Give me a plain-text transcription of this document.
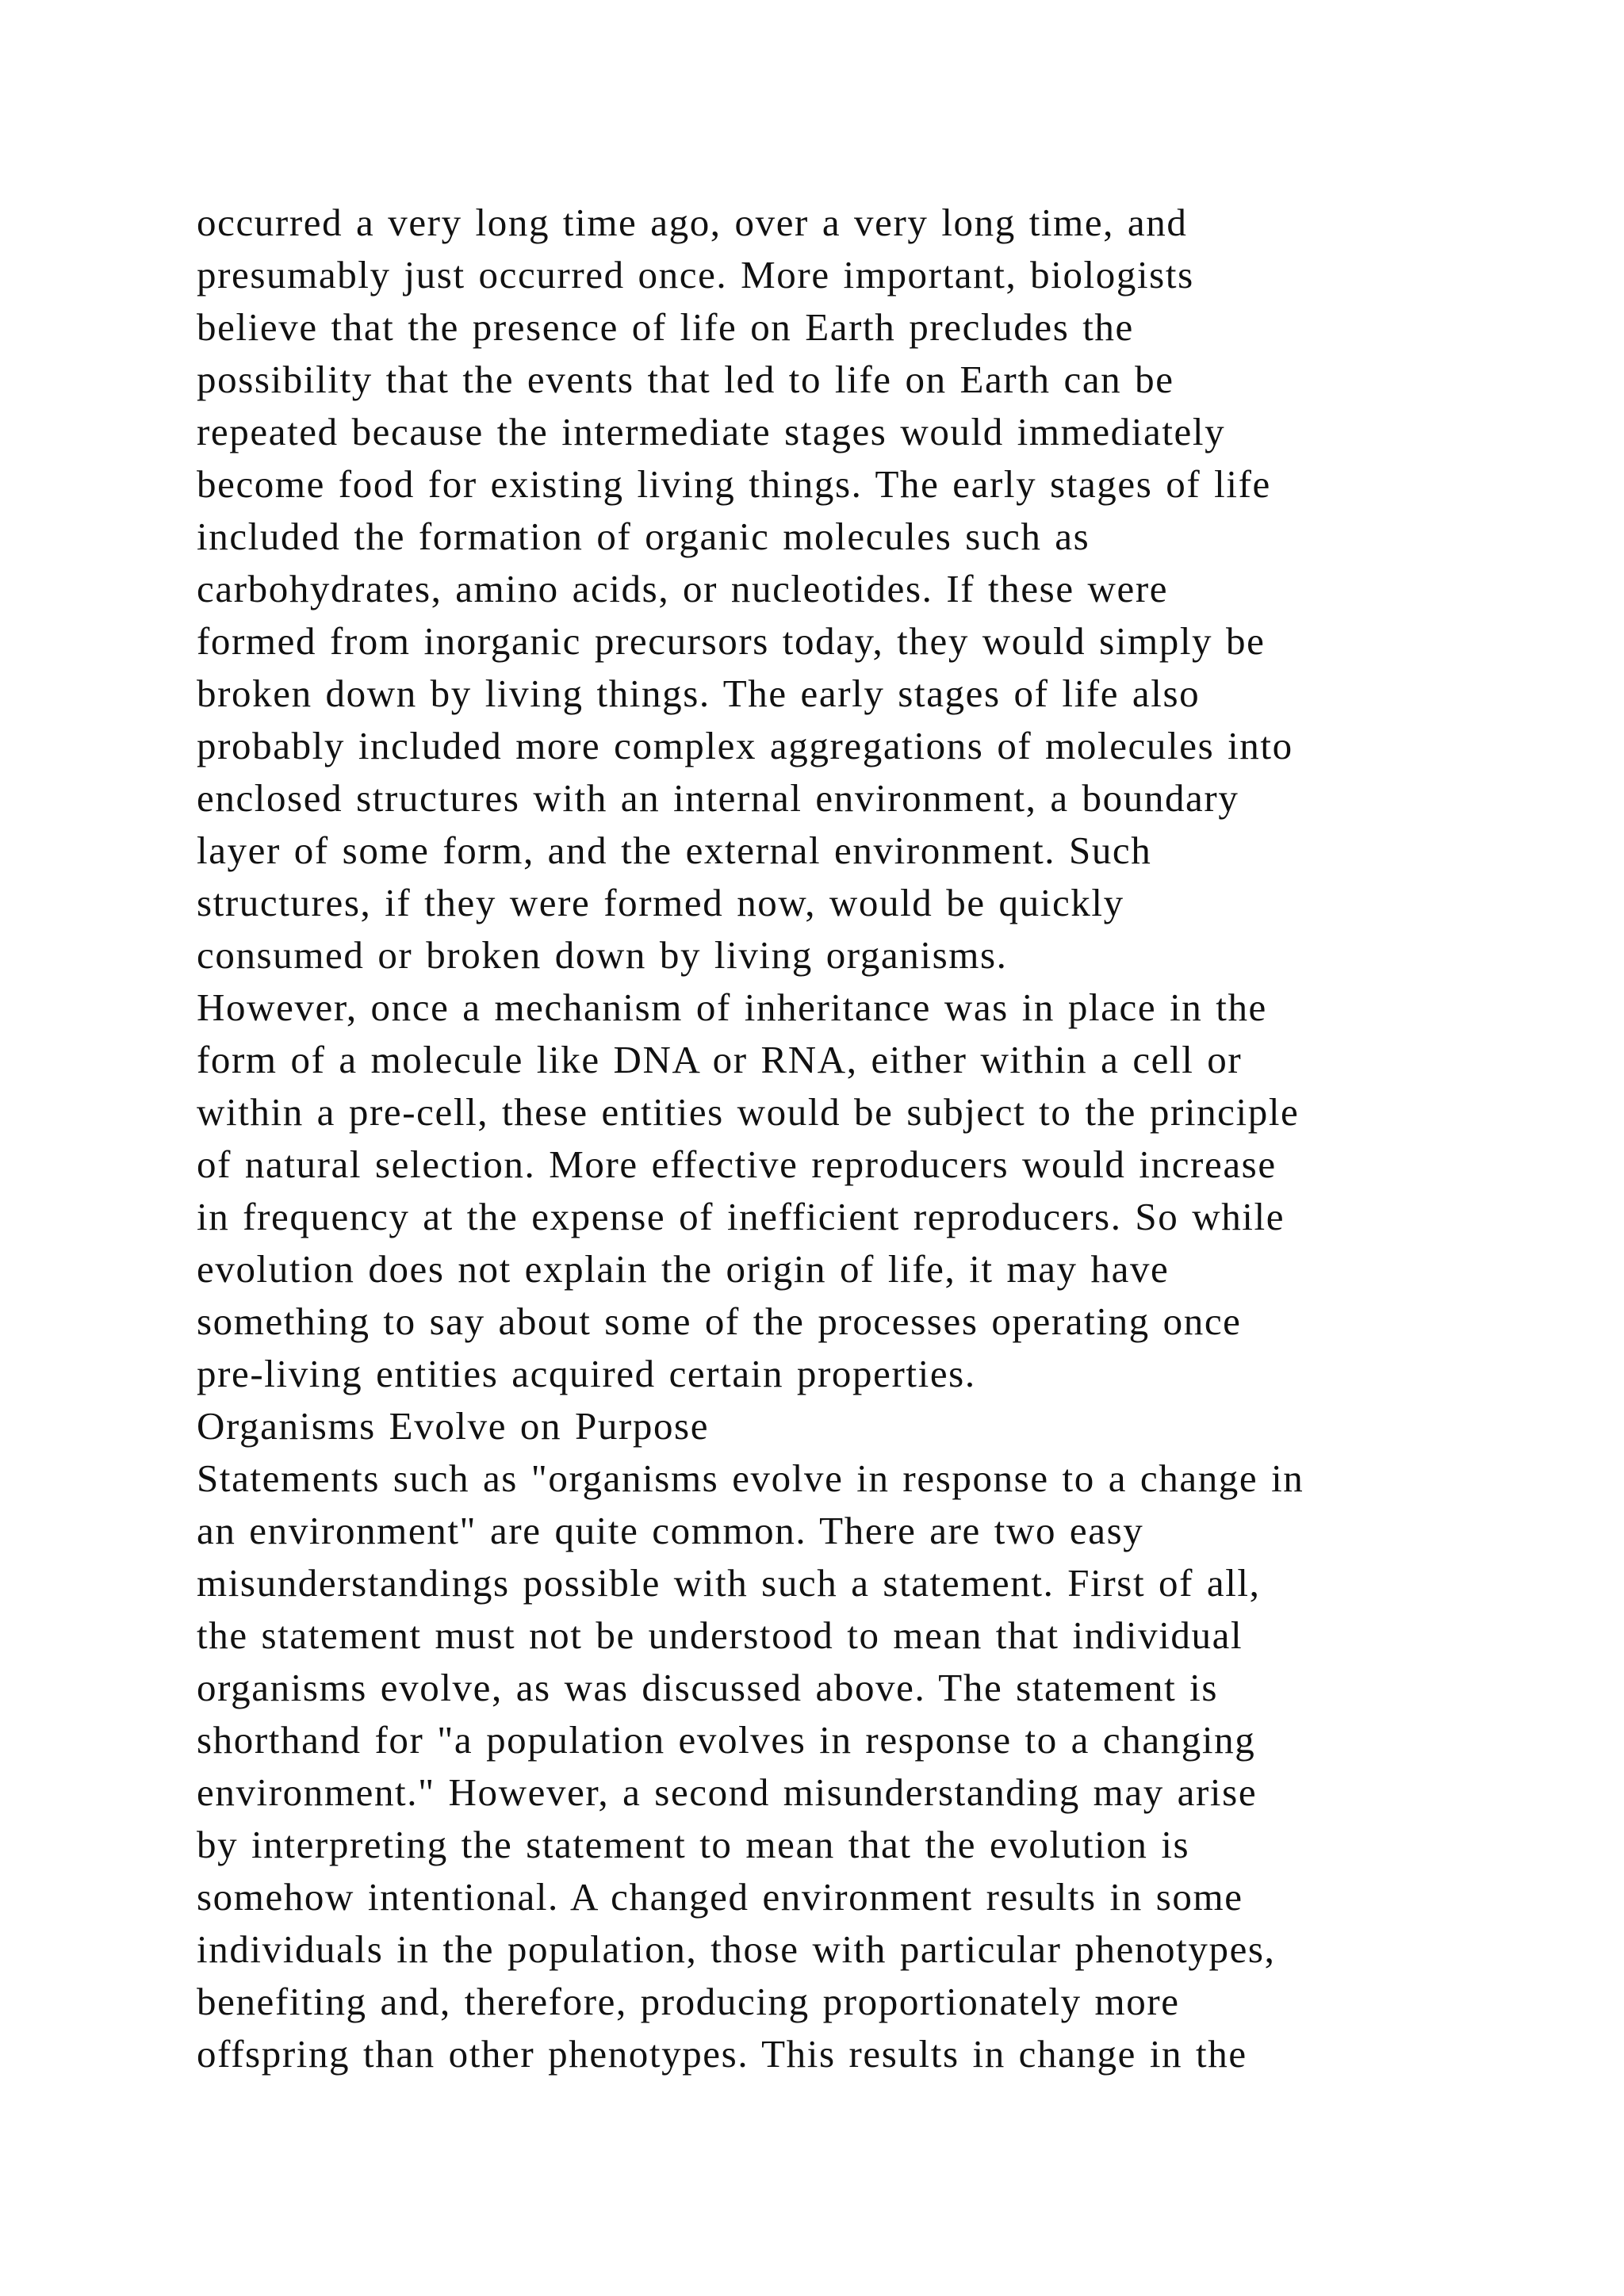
occurred a very long time ago, over a very long time, and
presumably just occurred once. More important, biologists
believe that the presence of life on Earth precludes the
possibility that the events that led to life on Earth can be
repeated because the intermediate stages would immediately
become food for existing living things. The early stages of life
included the formation of organic molecules such as
carbohydrates, amino acids, or nucleotides. If these were
formed from inorganic precursors today, they would simply be
broken down by living things. The early stages of life also
probably included more complex aggregations of molecules into
enclosed structures with an internal environment, a boundary
layer of some form, and the external environment. Such
structures, if they were formed now, would be quickly
consumed or broken down by living organisms.
However, once a mechanism of inheritance was in place in the
form of a molecule like DNA or RNA, either within a cell or
within a pre-cell, these entities would be subject to the principle
of natural selection. More effective reproducers would increase
in frequency at the expense of inefficient reproducers. So while
evolution does not explain the origin of life, it may have
something to say about some of the processes operating once
pre-living entities acquired certain properties.
Organisms Evolve on Purpose
Statements such as "organisms evolve in response to a change in
an environment" are quite common. There are two easy
misunderstandings possible with such a statement. First of all,
the statement must not be understood to mean that individual
organisms evolve, as was discussed above. The statement is
shorthand for "a population evolves in response to a changing
environment." However, a second misunderstanding may arise
by interpreting the statement to mean that the evolution is
somehow intentional. A changed environment results in some
individuals in the population, those with particular phenotypes,
benefiting and, therefore, producing proportionately more
offspring than other phenotypes. This results in change in the
